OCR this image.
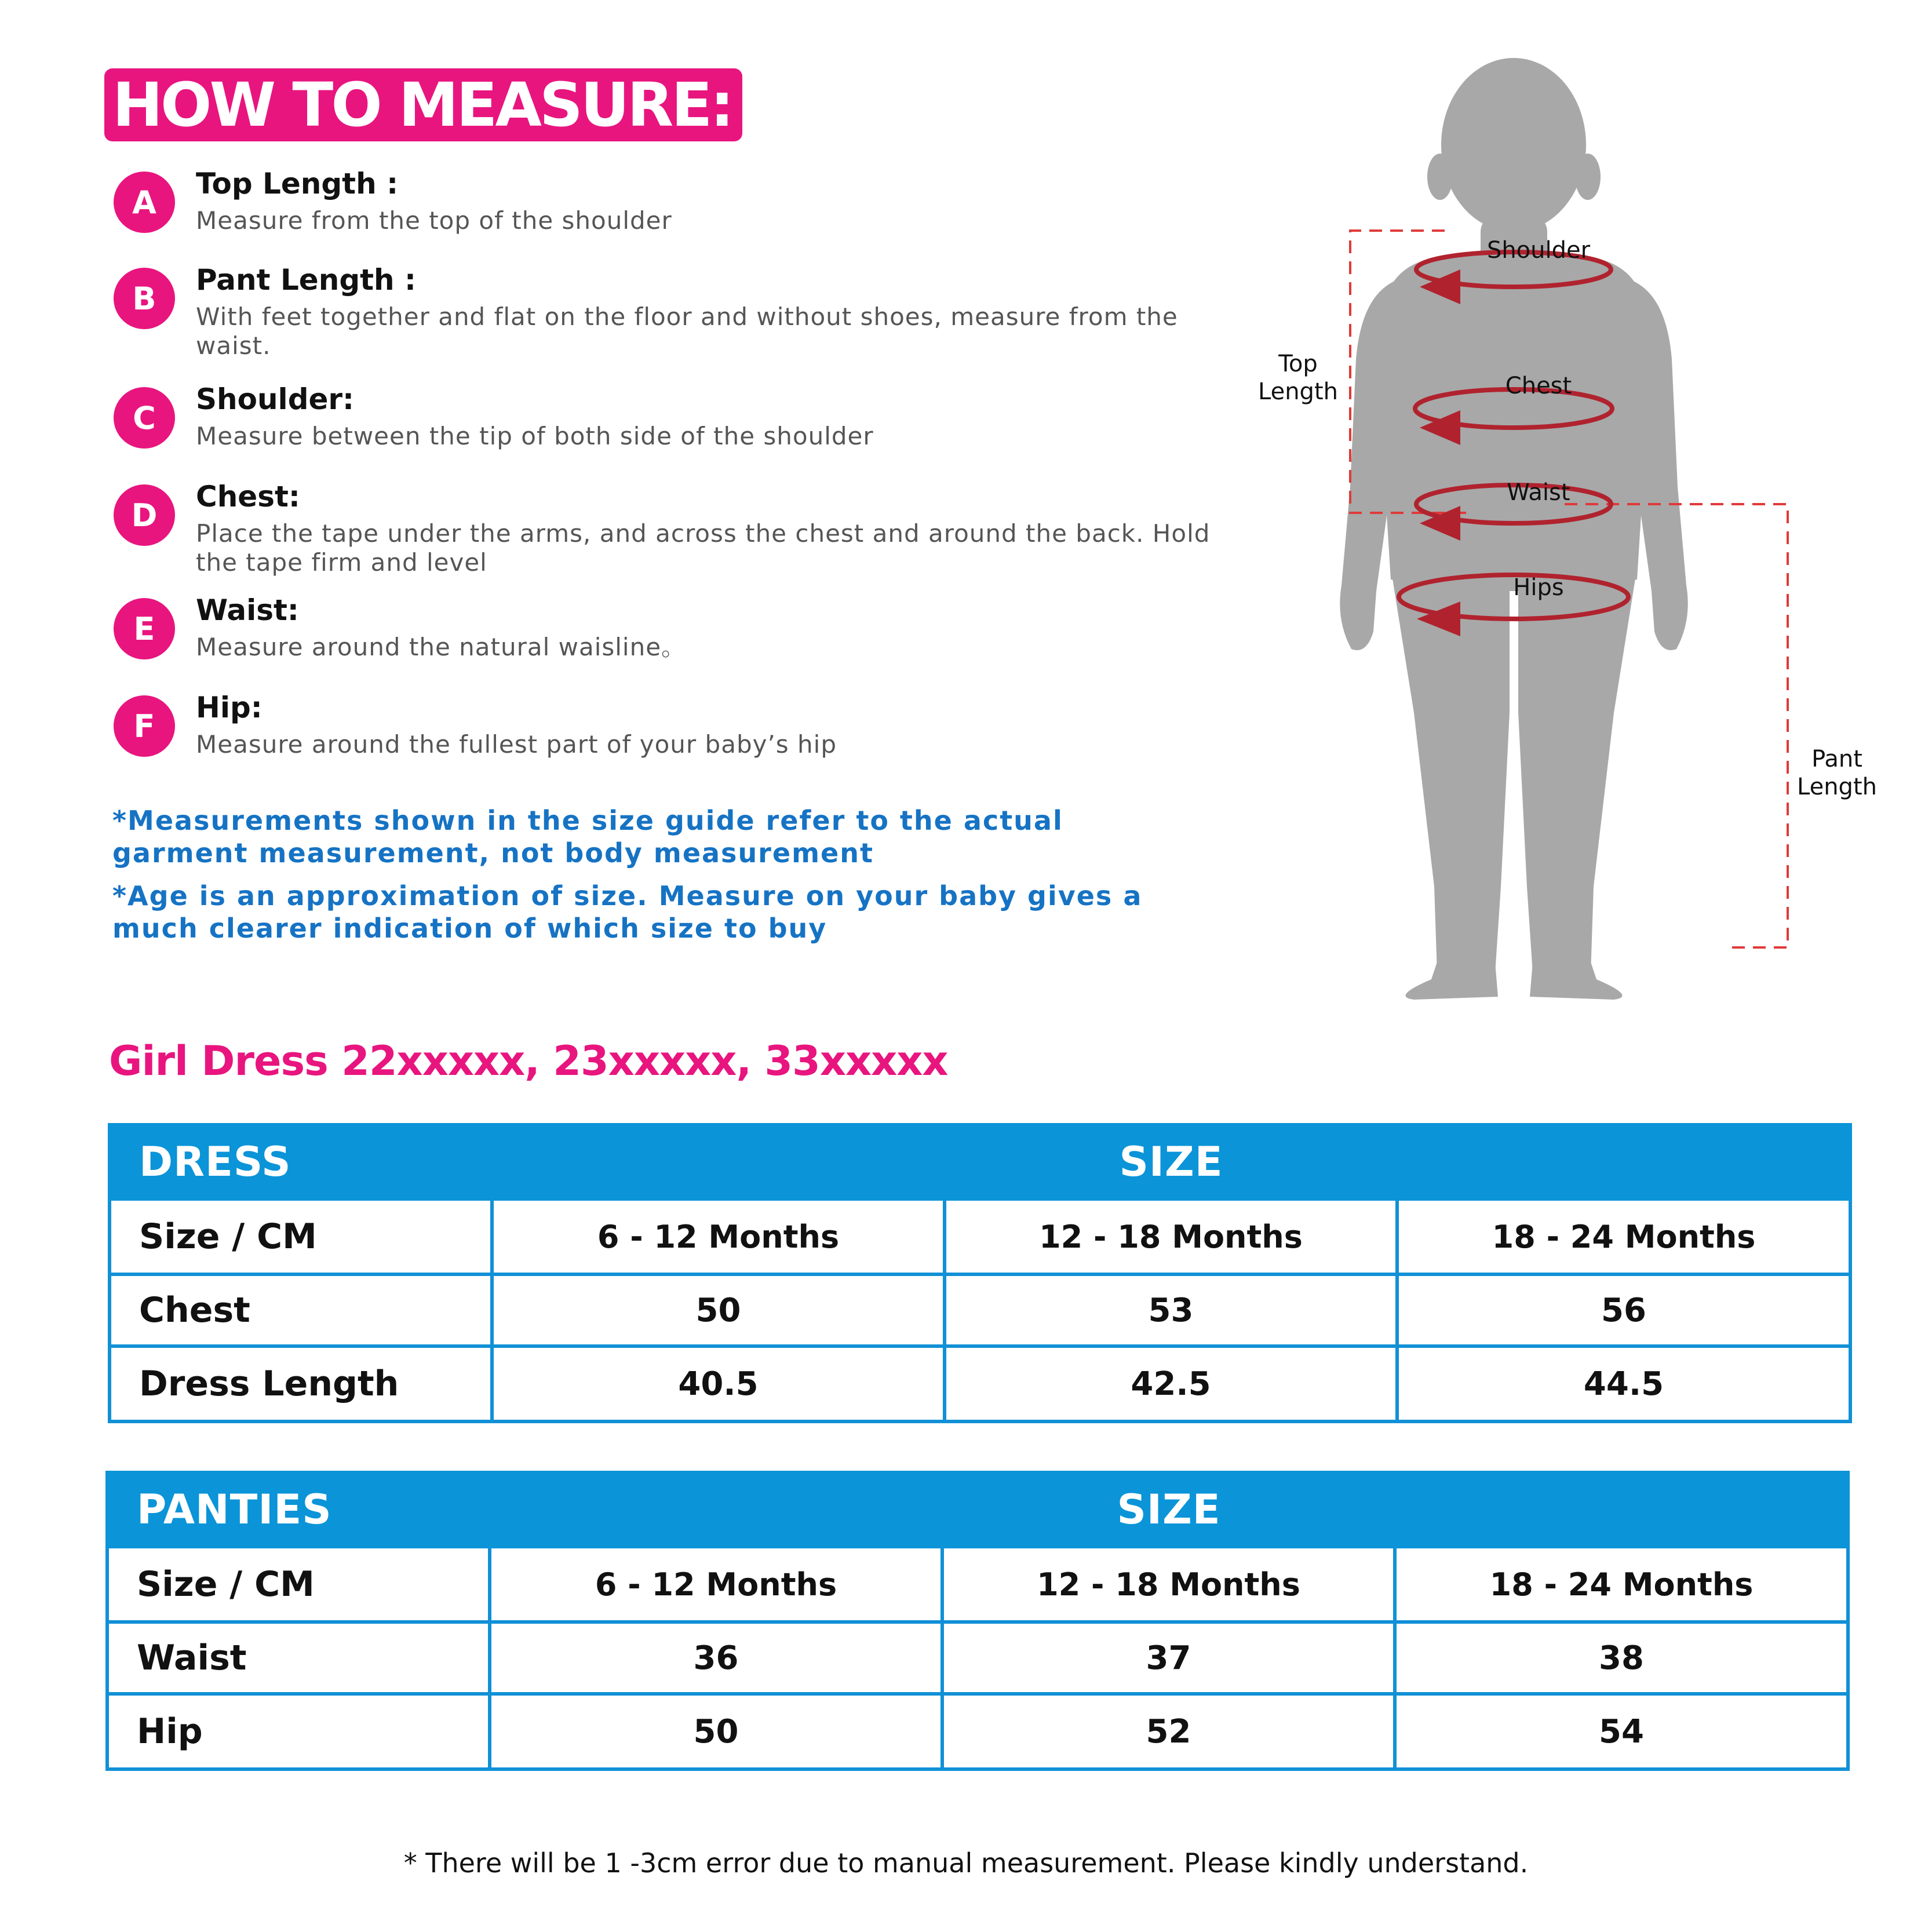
HOW TO MEASURE:
A
Top Length :
Measure from the top of the shoulder
B
Pant Length :
With feet together and flat on the floor and without shoes, measure from the waist.
C
Shoulder:
Measure between the tip of both side of the shoulder
D
Chest:
Place the tape under the arms, and across the chest and around the back. Hold the tape firm and level
E
Waist:
Measure around the natural waisline。
F
Hip:
Measure around the fullest part of your baby’s hip
*Measurements shown in the size guide refer to the actual garment measurement, not body measurement
*Age is an approximation of size. Measure on your baby gives a much clearer indication of which size to buy
Shoulder
Chest
Waist
Hips
Top Length
Pant Length
Girl Dress 22xxxxx, 23xxxxx, 33xxxxx
DRESS	SIZE		
Size / CM	6 - 12 Months	12 - 18 Months	18 - 24 Months
Chest	50	53	56
Dress Length	40.5	42.5	44.5
PANTIES	SIZE		
Size / CM	6 - 12 Months	12 - 18 Months	18 - 24 Months
Waist	36	37	38
Hip	50	52	54
* There will be 1 -3cm error due to manual measurement. Please kindly understand.
